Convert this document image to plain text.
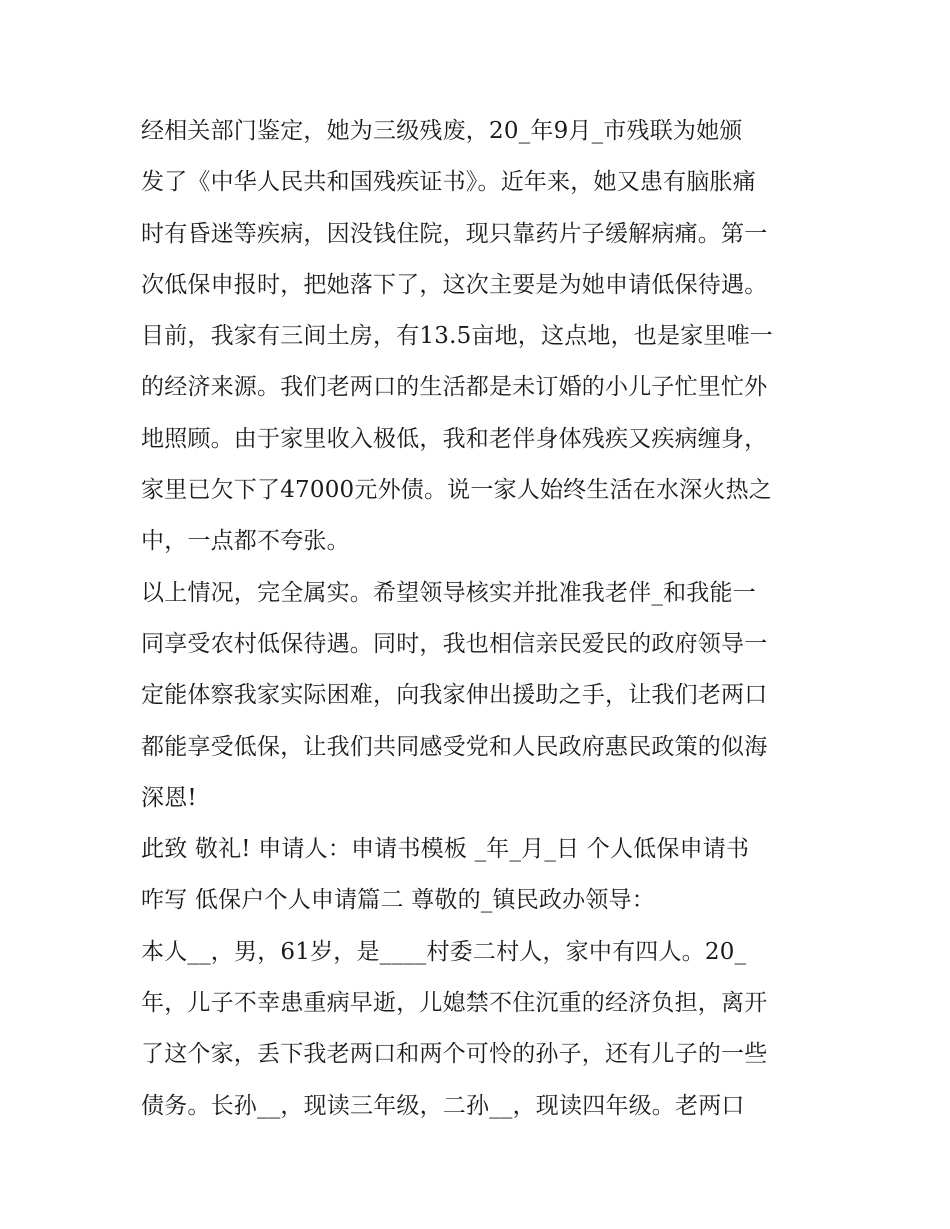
经相关部门鉴定，她为三级残废，20_年9月_市残联为她颁
发了《中华人民共和国残疾证书》。近年来，她又患有脑胀痛
时有昏迷等疾病，因没钱住院，现只靠药片子缓解病痛。第一
次低保申报时，把她落下了，这次主要是为她申请低保待遇。
目前，我家有三间土房，有13.5亩地，这点地，也是家里唯一
的经济来源。我们老两口的生活都是未订婚的小儿子忙里忙外
地照顾。由于家里收入极低，我和老伴身体残疾又疾病缠身，
家里已欠下了47000元外债。说一家人始终生活在水深火热之
中，一点都不夸张。
以上情况，完全属实。希望领导核实并批准我老伴_和我能一
同享受农村低保待遇。同时，我也相信亲民爱民的政府领导一
定能体察我家实际困难，向我家伸出援助之手，让我们老两口
都能享受低保，让我们共同感受党和人民政府惠民政策的似海
深恩!
此致 敬礼! 申请人：申请书模板 _年_月_日 个人低保申请书
咋写 低保户个人申请篇二 尊敬的_镇民政办领导：
本人__，男，61岁，是____村委二村人，家中有四人。20_
年，儿子不幸患重病早逝，儿媳禁不住沉重的经济负担，离开
了这个家，丢下我老两口和两个可怜的孙子，还有儿子的一些
债务。长孙__，现读三年级，二孙__，现读四年级。老两口
